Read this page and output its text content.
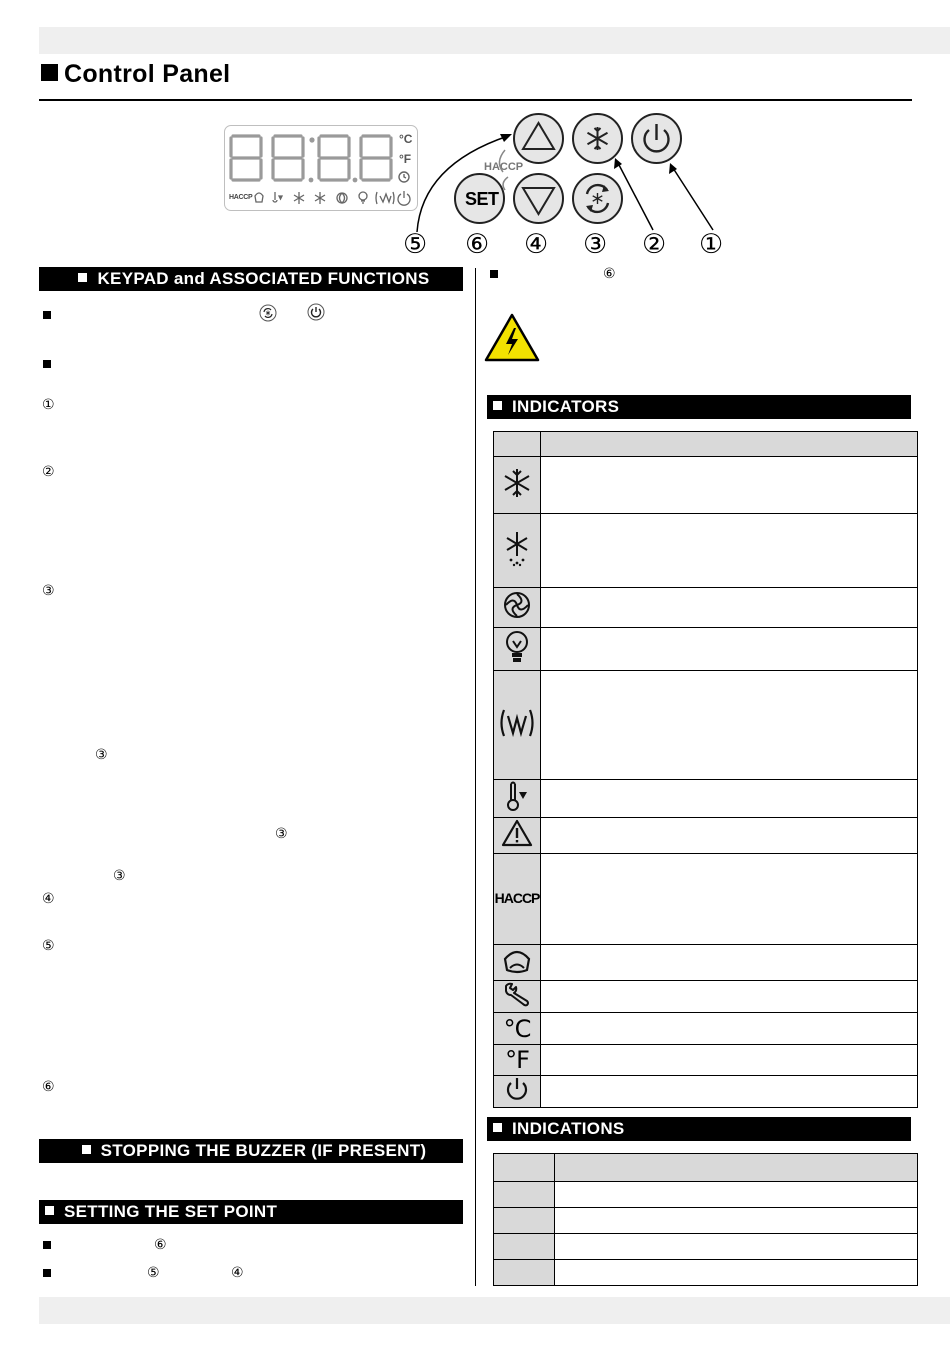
Control Panel
°C
°F
HACCP	SET
HACCP
⑤ ⑥ ④ ③ ② ①
KEYPAD and ASSOCIATED FUNCTIONS
①
②
③
③
③
③
④
⑤
⑥
STOPPING THE BUZZER (IF PRESENT)
SETTING THE SET POINT
⑥
⑤	④
⑥
INDICATORS

HACCP	

°C	
°F	

INDICATIONS
